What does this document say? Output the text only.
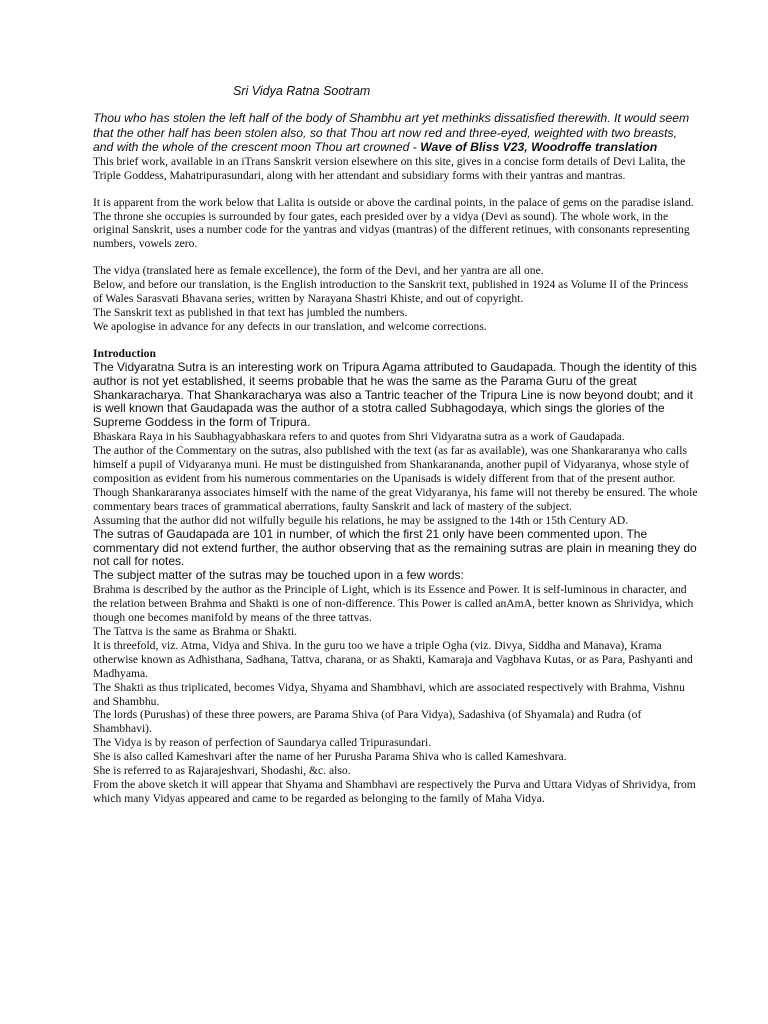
Sri Vidya Ratna Sootram

Thou who has stolen the left half of the body of Shambhu art yet methinks dissatisfied therewith. It would seem that the other half has been stolen also, so that Thou art now red and three-eyed, weighted with two breasts, and with the whole of the crescent moon Thou art crowned - Wave of Bliss V23, Woodroffe translation

This brief work, available in an iTrans Sanskrit version elsewhere on this site, gives in a concise form details of Devi Lalita, the Triple Goddess, Mahatripurasundari, along with her attendant and subsidiary forms with their yantras and mantras.

It is apparent from the work below that Lalita is outside or above the cardinal points, in the palace of gems on the paradise island. The throne she occupies is surrounded by four gates, each presided over by a vidya (Devi as sound). The whole work, in the original Sanskrit, uses a number code for the yantras and vidyas (mantras) of the different retinues, with consonants representing numbers, vowels zero.

The vidya (translated here as female excellence), the form of the Devi, and her yantra are all one.

Below, and before our translation, is the English introduction to the Sanskrit text, published in 1924 as Volume II of the Princess of Wales Sarasvati Bhavana series, written by Narayana Shastri Khiste, and out of copyright.

The Sanskrit text as published in that text has jumbled the numbers.

We apologise in advance for any defects in our translation, and welcome corrections.

Introduction

The Vidyaratna Sutra is an interesting work on Tripura Agama attributed to Gaudapada. Though the identity of this author is not yet established, it seems probable that he was the same as the Parama Guru of the great Shankaracharya. That Shankaracharya was also a Tantric teacher of the Tripura Line is now beyond doubt; and it is well known that Gaudapada was the author of a stotra called Subhagodaya, which sings the glories of the Supreme Goddess in the form of Tripura.

Bhaskara Raya in his Saubhagyabhaskara refers to and quotes from Shri Vidyaratna sutra as a work of Gaudapada.

The author of the Commentary on the sutras, also published with the text (as far as available), was one Shankararanya who calls himself a pupil of Vidyaranya muni. He must be distinguished from Shankarananda, another pupil of Vidyaranya, whose style of composition as evident from his numerous commentaries on the Upanisads is widely different from that of the present author.

Though Shankararanya associates himself with the name of the great Vidyaranya, his fame will not thereby be ensured. The whole commentary bears traces of grammatical aberrations, faulty Sanskrit and lack of mastery of the subject.

Assuming that the author did not wilfully beguile his relations, he may be assigned to the 14th or 15th Century AD.

The sutras of Gaudapada are 101 in number, of which the first 21 only have been commented upon. The commentary did not extend further, the author observing that as the remaining sutras are plain in meaning they do not call for notes.

The subject matter of the sutras may be touched upon in a few words:

Brahma is described by the author as the Principle of Light, which is its Essence and Power. It is self-luminous in character, and the relation between Brahma and Shakti is one of non-difference. This Power is called anAmA, better known as Shrividya, which though one becomes manifold by means of the three tattvas.

The Tattva is the same as Brahma or Shakti.

It is threefold, viz. Atma, Vidya and Shiva. In the guru too we have a triple Ogha (viz. Divya, Siddha and Manava), Krama otherwise known as Adhisthana, Sadhana, Tattva, charana, or as Shakti, Kamaraja and Vagbhava Kutas, or as Para, Pashyanti and Madhyama.

The Shakti as thus triplicated, becomes Vidya, Shyama and Shambhavi, which are associated respectively with Brahma, Vishnu and Shambhu.

The lords (Purushas) of these three powers, are Parama Shiva (of Para Vidya), Sadashiva (of Shyamala) and Rudra (of Shambhavi).

The Vidya is by reason of perfection of Saundarya called Tripurasundari.

She is also called Kameshvari after the name of her Purusha Parama Shiva who is called Kameshvara.

She is referred to as Rajarajeshvari, Shodashi, &c. also.

From the above sketch it will appear that Shyama and Shambhavi are respectively the Purva and Uttara Vidyas of Shrividya, from which many Vidyas appeared and came to be regarded as belonging to the family of Maha Vidya.
